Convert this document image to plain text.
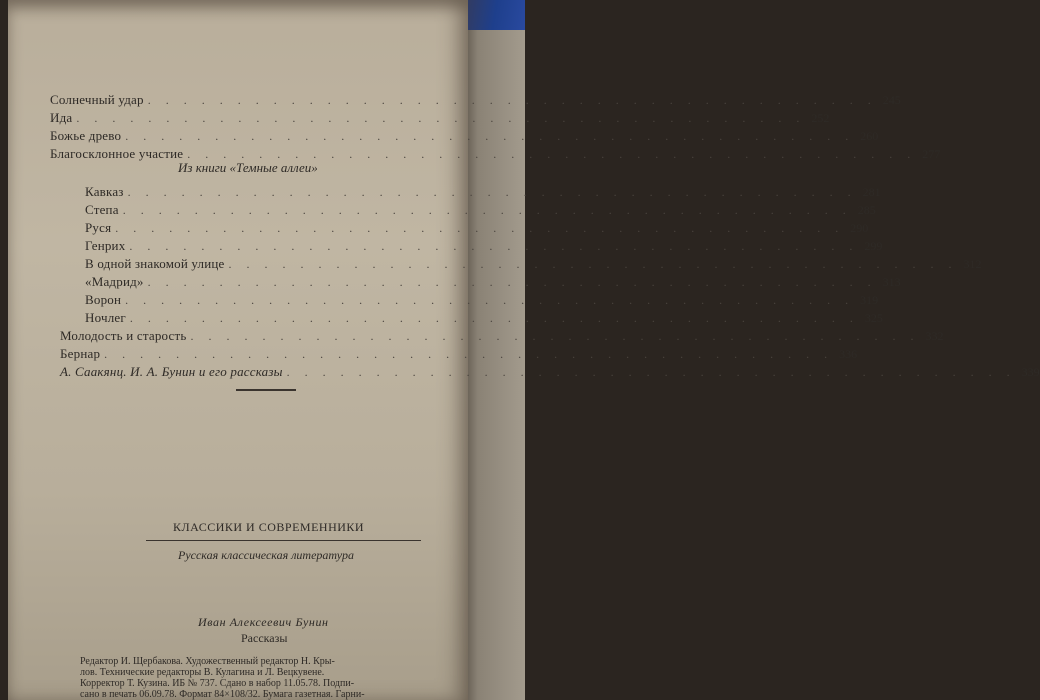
Солнечный удар . . . . . . . . . . . . . . . . . . . . . . . . . . . . . . . . . . . . . . . . . 245
Ида . . . . . . . . . . . . . . . . . . . . . . . . . . . . . . . . . . . . . . . . . 252
Божье древо . . . . . . . . . . . . . . . . . . . . . . . . . . . . . . . . . . . . . . . . . 260
Благосклонное участие . . . . . . . . . . . . . . . . . . . . . . . . . . . . . . . . . . . . . . . . . 277
Из книги «Темные аллеи»
Кавказ . . . . . . . . . . . . . . . . . . . . . . . . . . . . . . . . . . . . . . . . . 281
Степа . . . . . . . . . . . . . . . . . . . . . . . . . . . . . . . . . . . . . . . . . 285
Руся . . . . . . . . . . . . . . . . . . . . . . . . . . . . . . . . . . . . . . . . . 290
Генрих . . . . . . . . . . . . . . . . . . . . . . . . . . . . . . . . . . . . . . . . . 299
В одной знакомой улице . . . . . . . . . . . . . . . . . . . . . . . . . . . . . . . . . . . . . . . . . 312
«Мадрид» . . . . . . . . . . . . . . . . . . . . . . . . . . . . . . . . . . . . . . . . . 313
Ворон . . . . . . . . . . . . . . . . . . . . . . . . . . . . . . . . . . . . . . . . . 319
Ночлег . . . . . . . . . . . . . . . . . . . . . . . . . . . . . . . . . . . . . . . . . 325
Молодость и старость . . . . . . . . . . . . . . . . . . . . . . . . . . . . . . . . . . . . . . . . . 332
Бернар . . . . . . . . . . . . . . . . . . . . . . . . . . . . . . . . . . . . . . . . . 336
А. Саакянц. И. А. Бунин и его рассказы . . . . . . . . . . . . . . . . . . . . . . . . . . . . . . . . . . . . . . . . . 339
КЛАССИКИ И СОВРЕМЕННИКИ
Русская классическая литература
Иван Алексеевич Бунин
Рассказы
Редактор И. Щербакова. Художественный редактор Н. Кры-
лов. Технические редакторы В. Кулагина и Л. Вецкувене.
Корректор Т. Кузина. ИБ № 737. Сдано в набор 11.05.78. Подпи-
сано в печать 06.09.78. Формат 84×108/32. Бумага газетная. Гарни-
